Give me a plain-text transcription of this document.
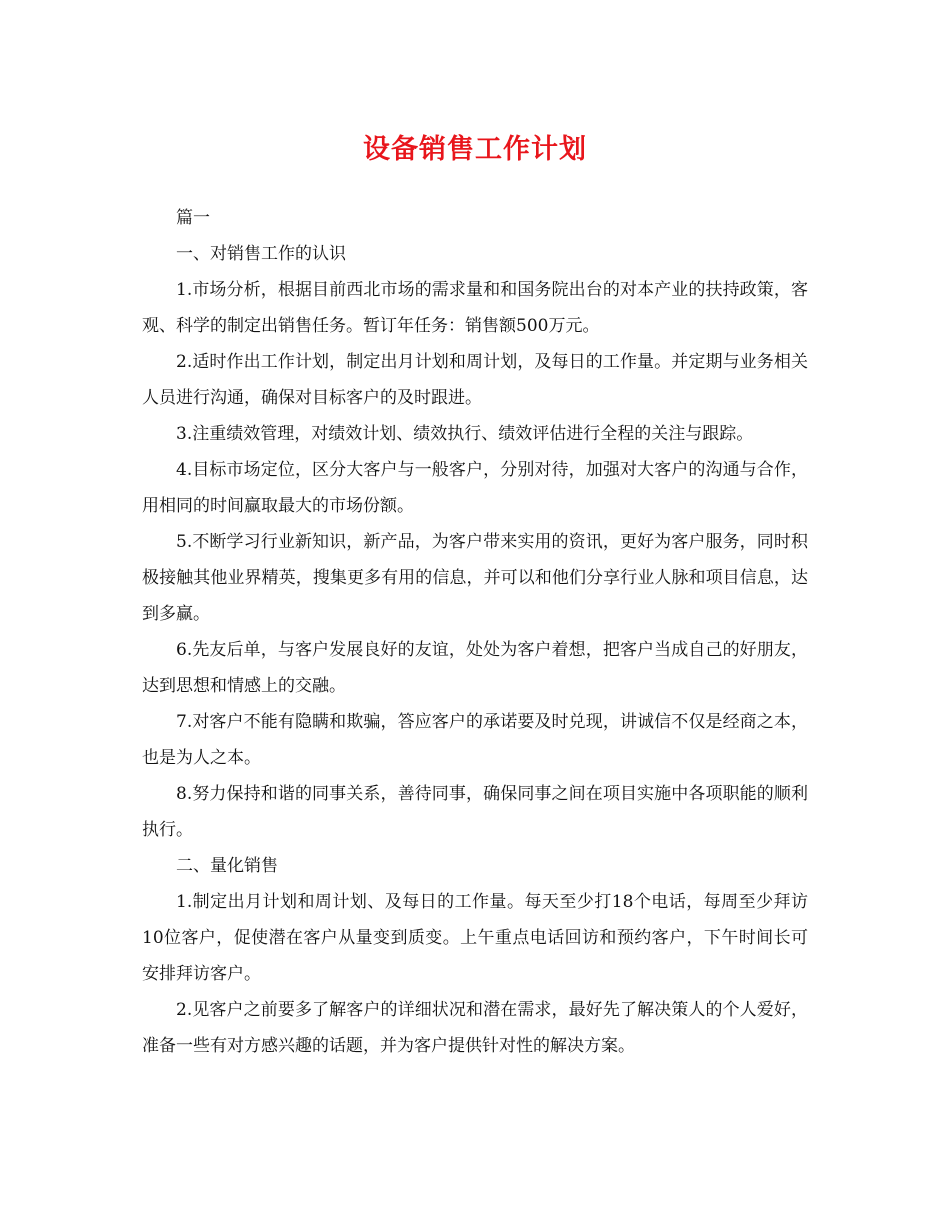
设备销售工作计划

篇一

一、对销售工作的认识

1.市场分析，根据目前西北市场的需求量和和国务院出台的对本产业的扶持政策，客观、科学的制定出销售任务。暂订年任务：销售额500万元。

2.适时作出工作计划，制定出月计划和周计划，及每日的工作量。并定期与业务相关人员进行沟通，确保对目标客户的及时跟进。

3.注重绩效管理，对绩效计划、绩效执行、绩效评估进行全程的关注与跟踪。

4.目标市场定位，区分大客户与一般客户，分别对待，加强对大客户的沟通与合作，用相同的时间赢取最大的市场份额。

5.不断学习行业新知识，新产品，为客户带来实用的资讯，更好为客户服务，同时积极接触其他业界精英，搜集更多有用的信息，并可以和他们分享行业人脉和项目信息，达到多赢。

6.先友后单，与客户发展良好的友谊，处处为客户着想，把客户当成自己的好朋友，达到思想和情感上的交融。

7.对客户不能有隐瞒和欺骗，答应客户的承诺要及时兑现，讲诚信不仅是经商之本，也是为人之本。

8.努力保持和谐的同事关系，善待同事，确保同事之间在项目实施中各项职能的顺利执行。

二、量化销售

1.制定出月计划和周计划、及每日的工作量。每天至少打18个电话，每周至少拜访10位客户，促使潜在客户从量变到质变。上午重点电话回访和预约客户，下午时间长可安排拜访客户。

2.见客户之前要多了解客户的详细状况和潜在需求，最好先了解决策人的个人爱好，准备一些有对方感兴趣的话题，并为客户提供针对性的解决方案。
